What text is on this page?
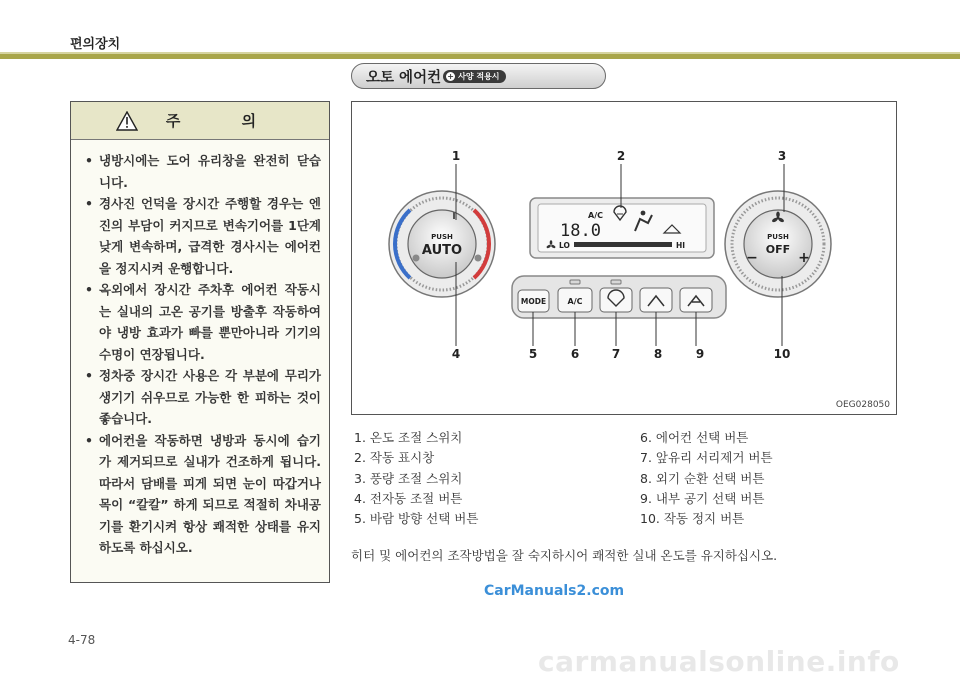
편의장치
주 의
• 냉방시에는 도어 유리창을 완전히 닫습니다.
• 경사진 언덕을 장시간 주행할 경우는 엔진의 부담이 커지므로 변속기어를 1단계 낮게 변속하며, 급격한 경사시는 에어컨을 정지시켜 운행합니다.
• 옥외에서 장시간 주차후 에어컨 작동시는 실내의 고온 공기를 방출후 작동하여야 냉방 효과가 빠를 뿐만아니라 기기의 수명이 연장됩니다.
• 정차중 장시간 사용은 각 부분에 무리가 생기기 쉬우므로 가능한 한 피하는 것이 좋습니다.
• 에어컨을 작동하면 냉방과 동시에 습기가 제거되므로 실내가 건조하게 됩니다. 따라서 담배를 피게 되면 눈이 따갑거나 목이 “칼칼” 하게 되므로 적절히 차내공기를 환기시켜 항상 쾌적한 상태를 유지하도록 하십시오.
오토 에어컨 + 사양 적용시
PUSH
AUTO
PUSH
OFF
−	+
A/C
18.0
LO	HI
MODE	A/C
1	2	3
4	5	6	7	8	9	10
OEG028050
1. 온도 조절 스위치
2. 작동 표시창
3. 풍량 조절 스위치
4. 전자동 조절 버튼
5. 바람 방향 선택 버튼
6. 에어컨 선택 버튼
7. 앞유리 서리제거 버튼
8. 외기 순환 선택 버튼
9. 내부 공기 선택 버튼
10. 작동 정지 버튼
히터 및 에어컨의 조작방법을 잘 숙지하시어 쾌적한 실내 온도를 유지하십시오.
CarManuals2.com
4-78
carmanualsonline.info
